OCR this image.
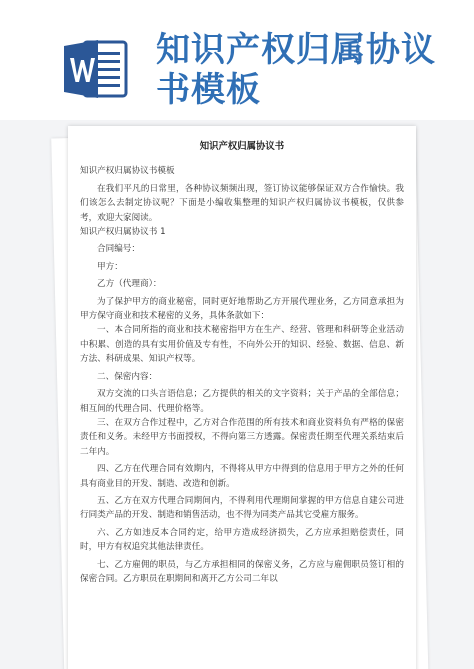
知识产权归属协议
书模板

知识产权归属协议书

知识产权归属协议书模板

在我们平凡的日常里，各种协议频频出现，签订协议能够保证双方合作愉快。我们该怎么去制定协议呢？下面是小编收集整理的知识产权归属协议书模板，仅供参考，欢迎大家阅读。

知识产权归属协议书 1

合同编号：

甲方：

乙方（代理商）：

为了保护甲方的商业秘密，同时更好地帮助乙方开展代理业务，乙方同意承担为甲方保守商业和技术秘密的义务，具体条款如下：

一、本合同所指的商业和技术秘密指甲方在生产、经营、管理和科研等企业活动中积累、创造的具有实用价值及专有性，不向外公开的知识、经验、数据、信息、新方法、科研成果、知识产权等。

二、保密内容：

双方交流的口头言语信息；乙方提供的相关的文字资料；关于产品的全部信息；相互间的代理合同、代理价格等。

三、在双方合作过程中，乙方对合作范围的所有技术和商业资料负有严格的保密责任和义务。未经甲方书面授权，不得向第三方透露。保密责任期至代理关系结束后二年内。

四、乙方在代理合同有效期内，不得将从甲方中得到的信息用于甲方之外的任何具有商业目的开发、制造、改造和创新。

五、乙方在双方代理合同期间内，不得利用代理期间掌握的甲方信息自建公司进行同类产品的开发、制造和销售活动，也不得为同类产品其它受雇方服务。

六、乙方如违反本合同约定，给甲方造成经济损失，乙方应承担赔偿责任，同时，甲方有权追究其他法律责任。

七、乙方雇佣的职员，与乙方承担相同的保密义务，乙方应与雇佣职员签订相的保密合同。乙方职员在职期间和离开乙方公司二年以
